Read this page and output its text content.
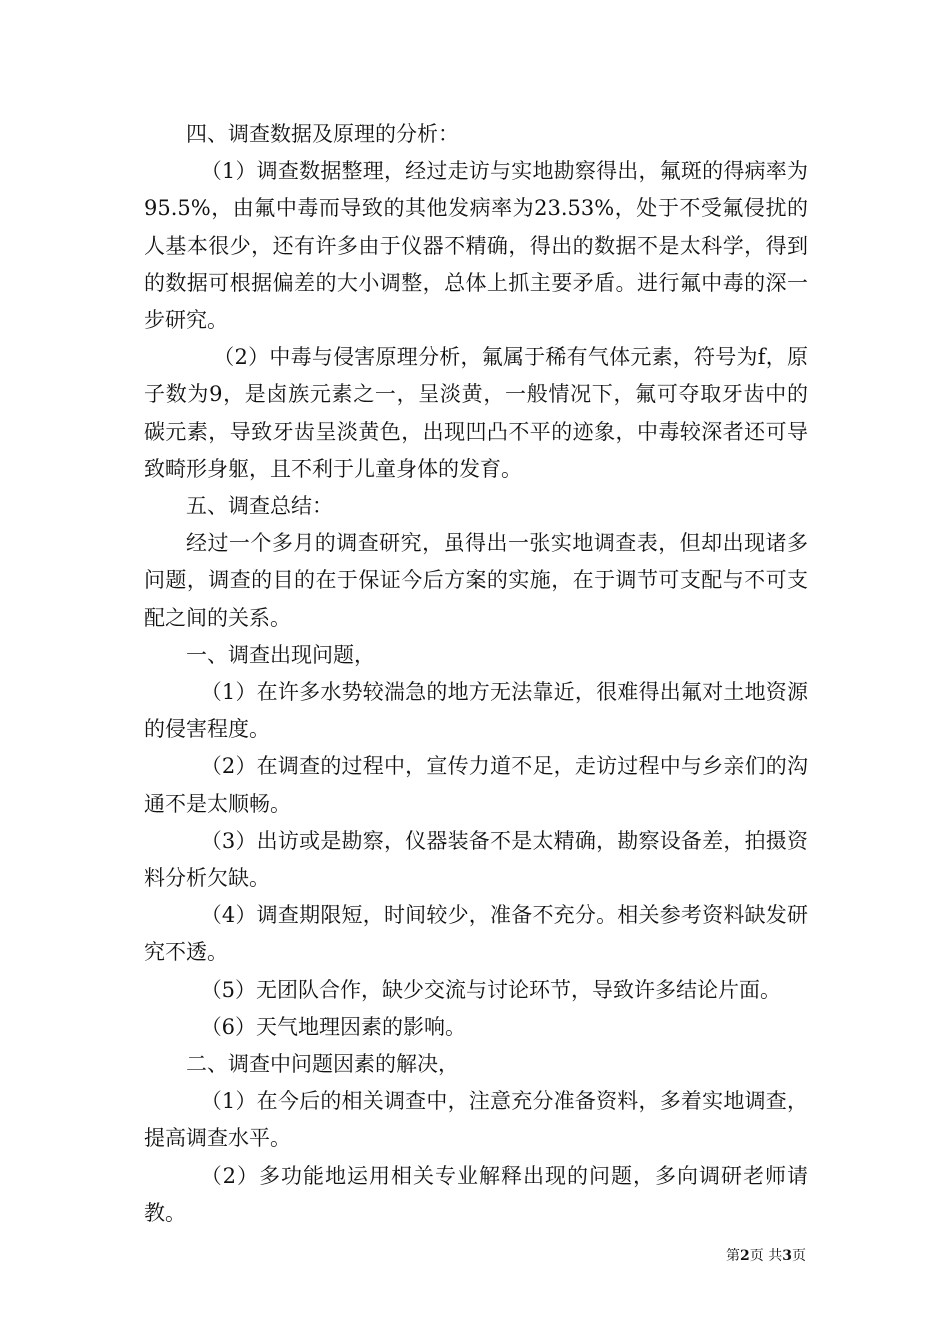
四、调查数据及原理的分析：

（1）调查数据整理，经过走访与实地勘察得出，氟斑的得病率为95.5%，由氟中毒而导致的其他发病率为23.53%，处于不受氟侵扰的人基本很少，还有许多由于仪器不精确，得出的数据不是太科学，得到的数据可根据偏差的大小调整，总体上抓主要矛盾。进行氟中毒的深一步研究。

（2）中毒与侵害原理分析，氟属于稀有气体元素，符号为f，原子数为9，是卤族元素之一，呈淡黄，一般情况下，氟可夺取牙齿中的碳元素，导致牙齿呈淡黄色，出现凹凸不平的迹象，中毒较深者还可导致畸形身躯，且不利于儿童身体的发育。

五、调查总结：

经过一个多月的调查研究，虽得出一张实地调查表，但却出现诸多问题，调查的目的在于保证今后方案的实施，在于调节可支配与不可支配之间的关系。

一、调查出现问题，

（1）在许多水势较湍急的地方无法靠近，很难得出氟对土地资源的侵害程度。

（2）在调查的过程中，宣传力道不足，走访过程中与乡亲们的沟通不是太顺畅。

（3）出访或是勘察，仪器装备不是太精确，勘察设备差，拍摄资料分析欠缺。

（4）调查期限短，时间较少，准备不充分。相关参考资料缺发研究不透。

（5）无团队合作，缺少交流与讨论环节，导致许多结论片面。

（6）天气地理因素的影响。

二、调查中问题因素的解决，

（1）在今后的相关调查中，注意充分准备资料，多着实地调查，提高调查水平。

（2）多功能地运用相关专业解释出现的问题，多向调研老师请教。

第2页 共3页
